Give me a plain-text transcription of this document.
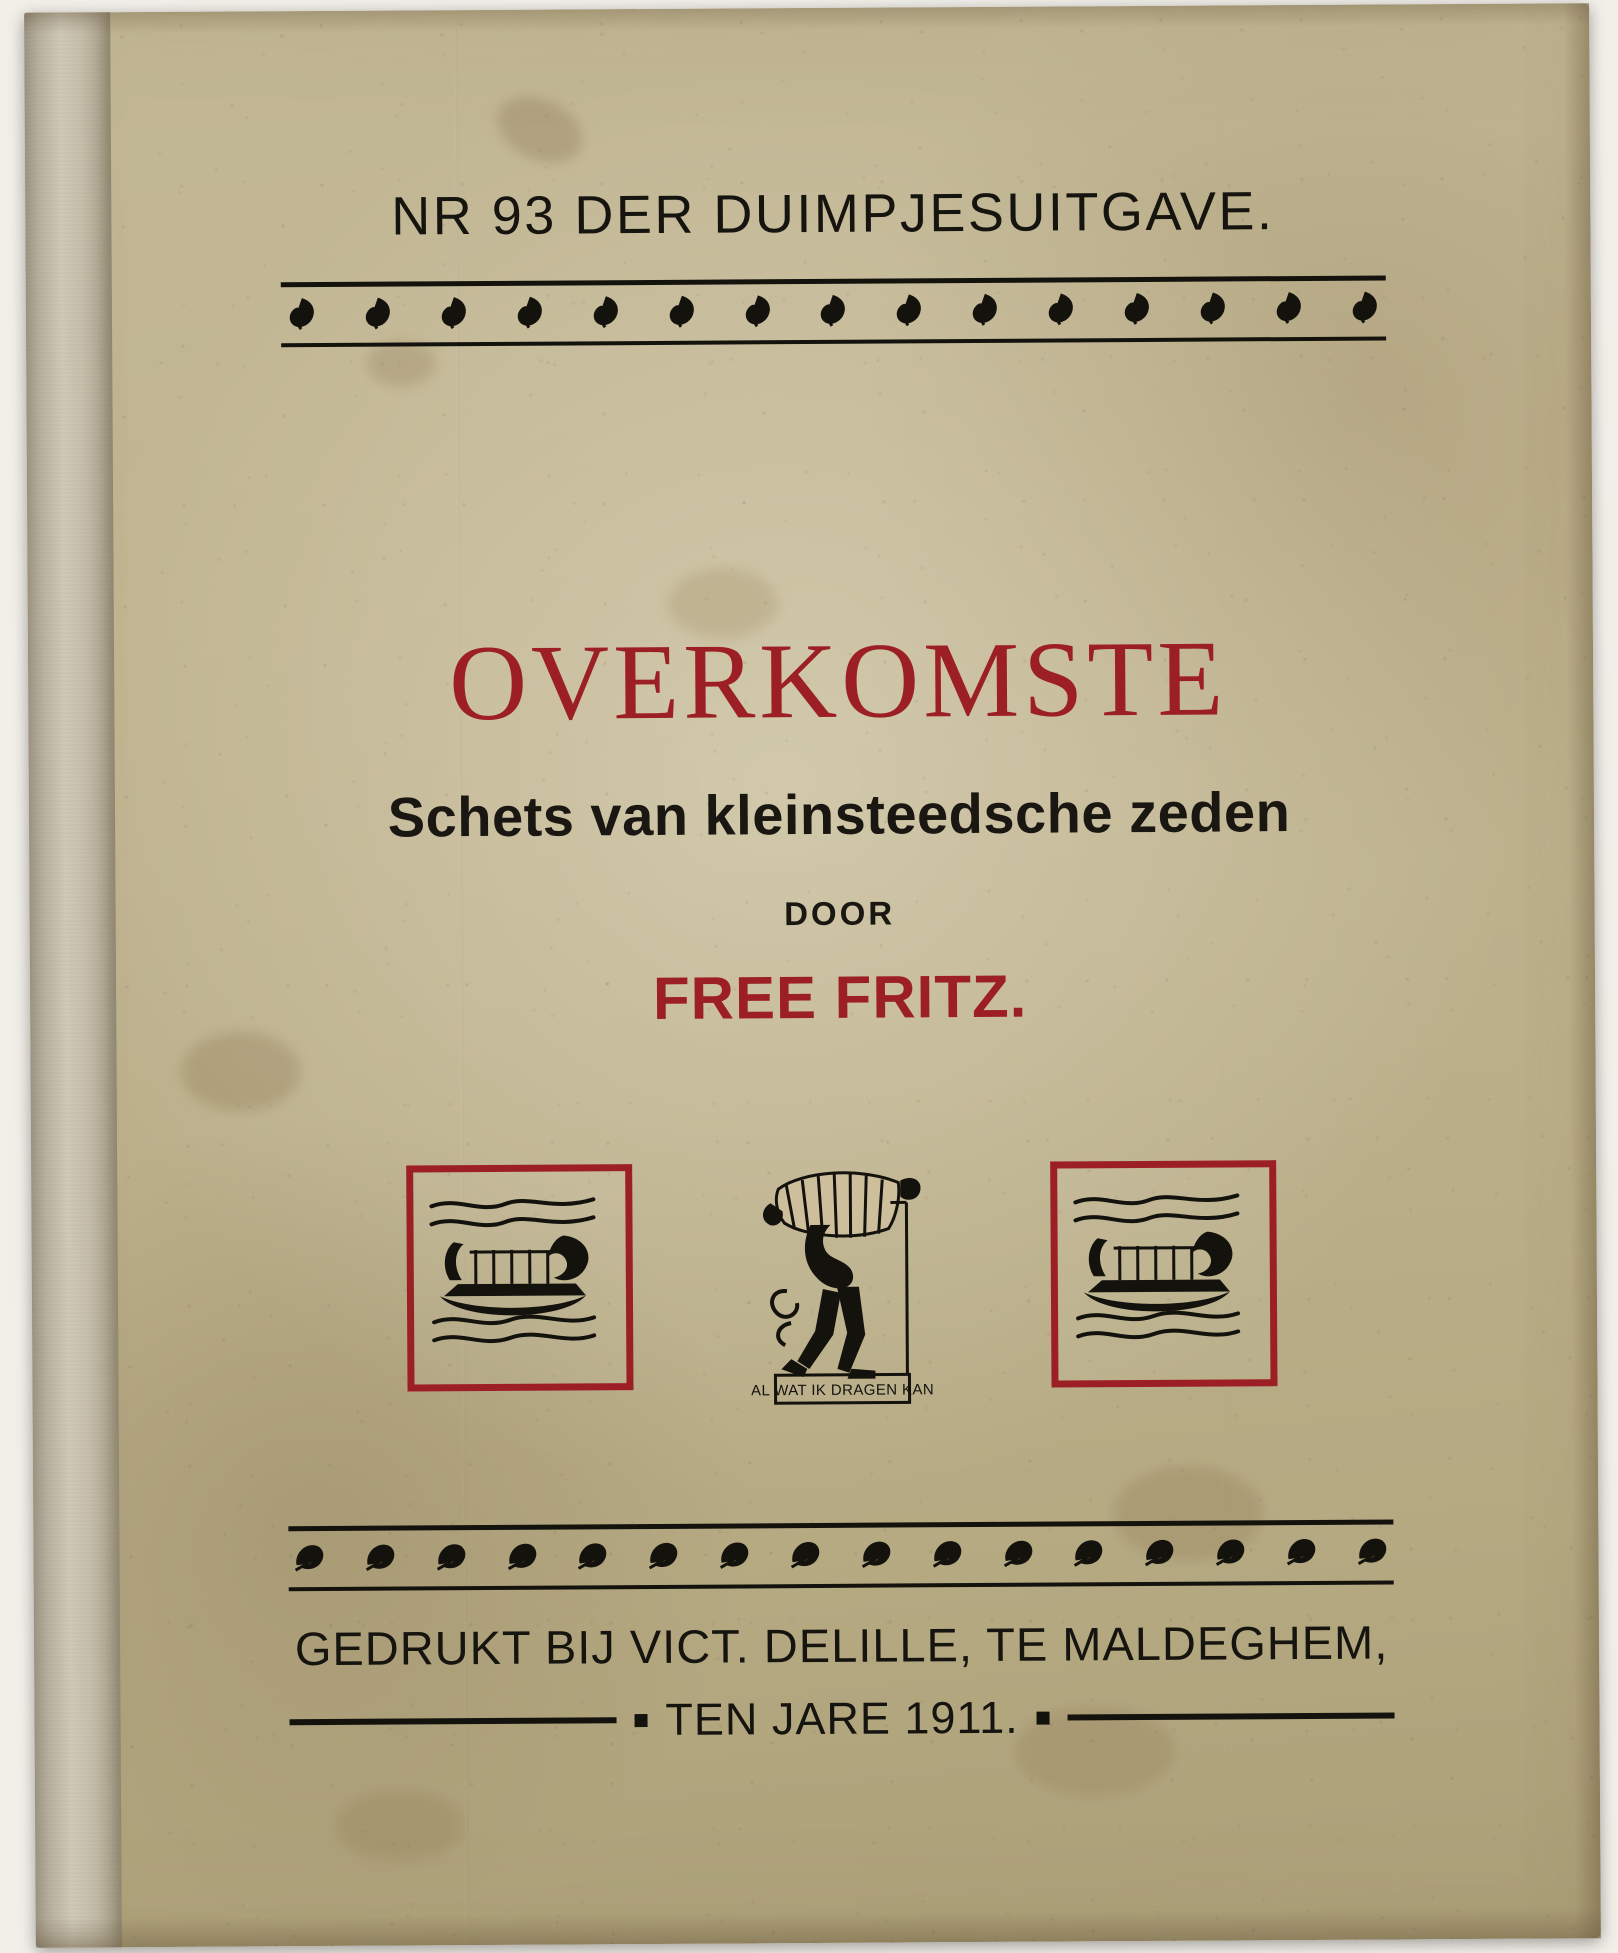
NR 93 DER DUIMPJESUITGAVE.
OVERKOMSTE
Schets van kleinsteedsche zeden
DOOR
FREE FRITZ.
AL WAT IK DRAGEN KAN
GEDRUKT BIJ VICT. DELILLE, TE MALDEGHEM,
TEN JARE 1911.
